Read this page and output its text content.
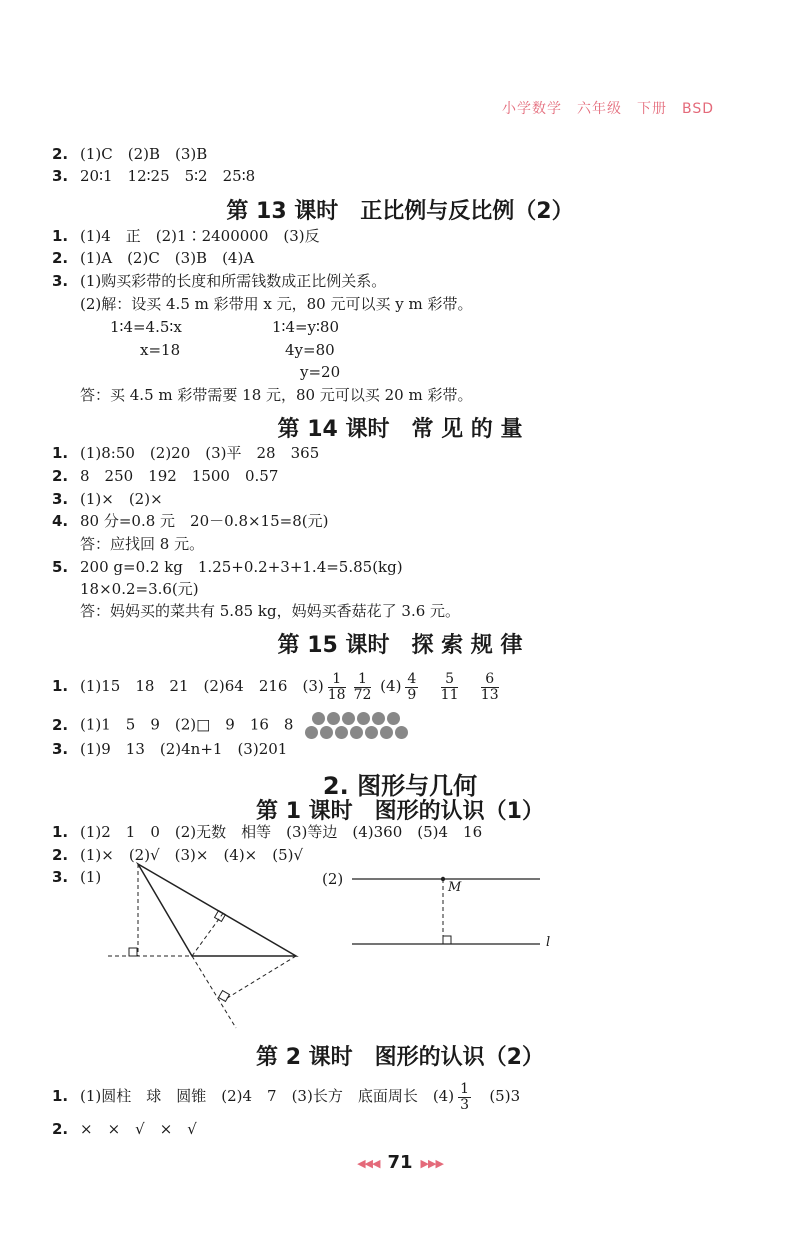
小学数学　六年级　下册　BSD
2. (1)C　(2)B　(3)B
3. 20∶1　12∶25　5∶2　25∶8
第 13 课时　正比例与反比例（2）
1. (1)4　正　(2)1∶2400000　(3)反
2. (1)A　(2)C　(3)B　(4)A
3. (1)购买彩带的长度和所需钱数成正比例关系。
(2)解：设买 4.5 m 彩带用 x 元，80 元可以买 y m 彩带。
1∶4=4.5∶x	1∶4=y∶80
x=18	4y=80
y=20
答：买 4.5 m 彩带需要 18 元，80 元可以买 20 m 彩带。
第 14 课时　常 见 的 量
1. (1)8:50　(2)20　(3)平　28　365
2. 8　250　192　1500　0.57
3. (1)×　(2)×
4. 80 分=0.8 元　20－0.8×15=8(元)
答：应找回 8 元。
5. 200 g=0.2 kg　1.25+0.2+3+1.4=5.85(kg)
18×0.2=3.6(元)
答：妈妈买的菜共有 5.85 kg，妈妈买香菇花了 3.6 元。
第 15 课时　探 索 规 律
1. (1)15　18　21　(2)64　216　$(3) \frac{1}{18} \frac{1}{72} (4) \frac{4}{9}$
$\frac{5}{11}$
$\frac{6}{13}$
2. (1)1　5　9　(2)□　9　16　8
3. (1)9　13　(2)4n+1　(3)201
2. 图形与几何
第 1 课时　图形的认识（1）
1. (1)2　1　0　(2)无数　相等　(3)等边　(4)360　(5)4　16
2. (1)×　(2)√　(3)×　(4)×　(5)√
3. (1)	(2)	M
l
第 2 课时　图形的认识（2）
1. (1)圆柱　球　圆锥　(2)4　7　(3)长方　底面周长　$(4) \frac{1}{3} (5)3$
2. ×　×　√　×　√
◀◀◀ 71 ▶▶▶
